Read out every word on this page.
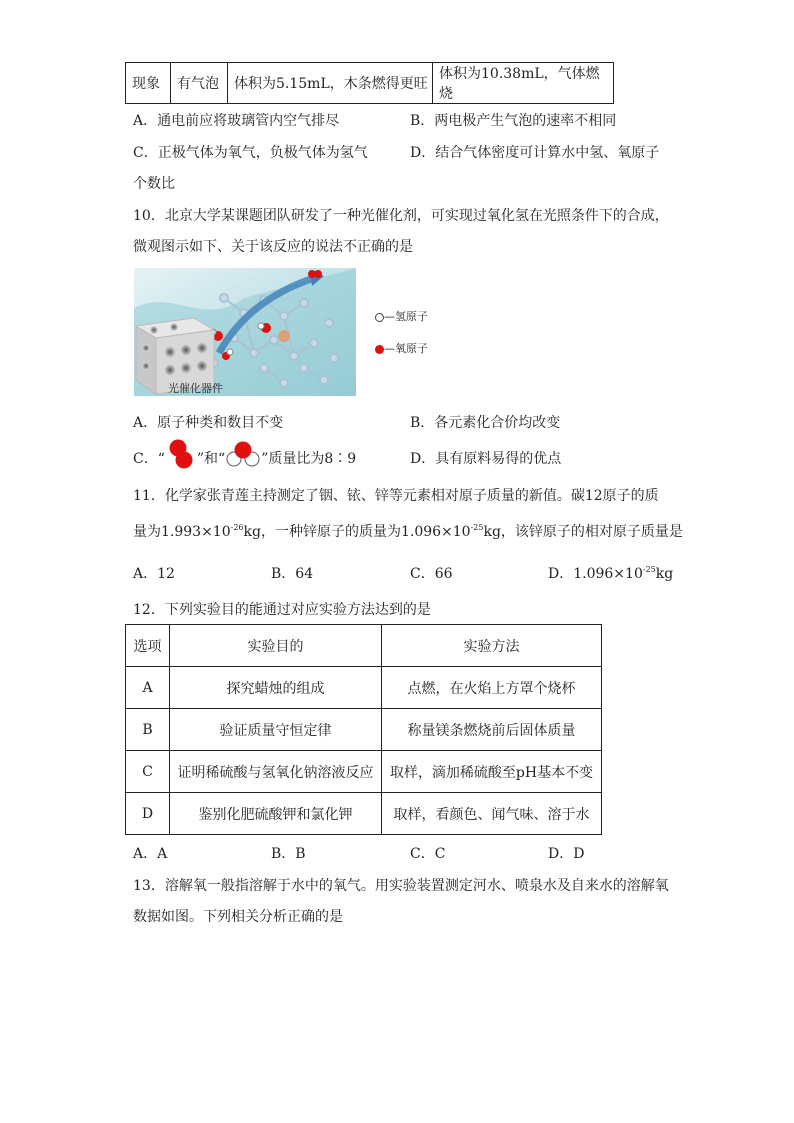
现象	有气泡	体积为5.15mL，木条燃得更旺	体积为10.38mL，气体燃烧
A．通电前应将玻璃管内空气排尽	B．两电极产生气泡的速率不相同
C．正极气体为氧气，负极气体为氢气	D．结合气体密度可计算水中氢、氧原子
个数比
10．北京大学某课题团队研发了一种光催化剂，可实现过氧化氢在光照条件下的合成，
微观图示如下、关于该反应的说法不正确的是
光催化器件
—氢原子
—氧原子
A．原子种类和数目不变	B．各元素化合价均改变
C．“ ”和“	”质量比为8∶9	D．具有原料易得的优点
11．化学家张青莲主持测定了铟、铱、锌等元素相对原子质量的新值。碳12原子的质
量为$1.993\times 10^{-26}kg$，一种锌原子的质量为$1.096\times 10^{-25}kg$，该锌原子的相对原子质量是
A．12	B．64	C．66	D．$1.096\times 10^{-25}kg$
12．下列实验目的能通过对应实验方法达到的是
选项	实验目的	实验方法
A	探究蜡烛的组成	点燃，在火焰上方罩个烧杯
B	验证质量守恒定律	称量镁条燃烧前后固体质量
C	证明稀硫酸与氢氧化钠溶液反应	取样，滴加稀硫酸至pH基本不变
D	鉴别化肥硫酸钾和氯化钾	取样，看颜色、闻气味、溶于水
A．A	B．B	C．C	D．D
13．溶解氧一般指溶解于水中的氧气。用实验装置测定河水、喷泉水及自来水的溶解氧
数据如图。下列相关分析正确的是
